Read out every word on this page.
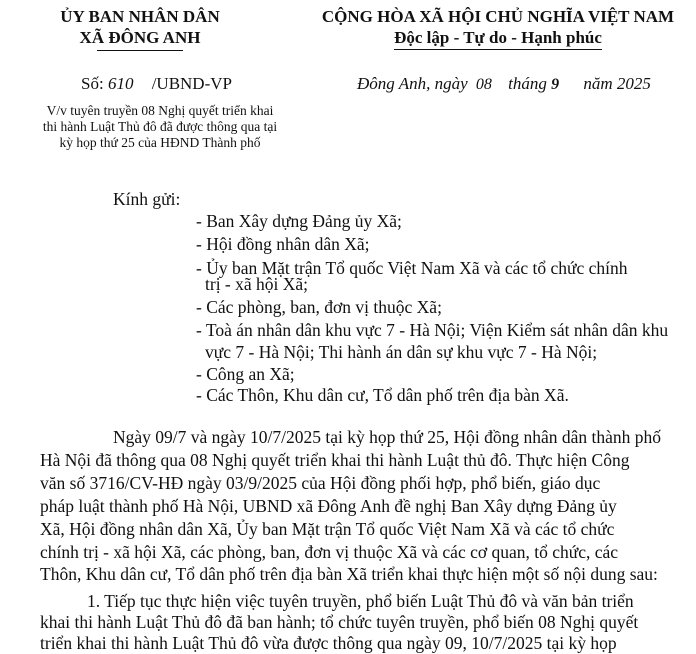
ỦY BAN NHÂN DÂN
XÃ ĐÔNG ANH
CỘNG HÒA XÃ HỘI CHỦ NGHĨA VIỆT NAM
Độc lập - Tự do - Hạnh phúc
Số: 610 /UBND-VP	Đông Anh, ngày 08 tháng 9 năm 2025
V/v tuyên truyền 08 Nghị quyết triển khai
thi hành Luật Thủ đô đã được thông qua tại
kỳ họp thứ 25 của HĐND Thành phố
Kính gửi:
- Ban Xây dựng Đảng ủy Xã;
- Hội đồng nhân dân Xã;
- Ủy ban Mặt trận Tổ quốc Việt Nam Xã và các tổ chức chính
trị - xã hội Xã;
- Các phòng, ban, đơn vị thuộc Xã;
- Toà án nhân dân khu vực 7 - Hà Nội; Viện Kiểm sát nhân dân khu
vực 7 - Hà Nội; Thi hành án dân sự khu vực 7 - Hà Nội;
- Công an Xã;
- Các Thôn, Khu dân cư, Tổ dân phố trên địa bàn Xã.
Ngày 09/7 và ngày 10/7/2025 tại kỳ họp thứ 25, Hội đồng nhân dân thành phố
Hà Nội đã thông qua 08 Nghị quyết triển khai thi hành Luật thủ đô. Thực hiện Công
văn số 3716/CV-HĐ ngày 03/9/2025 của Hội đồng phối hợp, phổ biến, giáo dục
pháp luật thành phố Hà Nội, UBND xã Đông Anh đề nghị Ban Xây dựng Đảng ủy
Xã, Hội đồng nhân dân Xã, Ủy ban Mặt trận Tổ quốc Việt Nam Xã và các tổ chức
chính trị - xã hội Xã, các phòng, ban, đơn vị thuộc Xã và các cơ quan, tổ chức, các
Thôn, Khu dân cư, Tổ dân phố trên địa bàn Xã triển khai thực hiện một số nội dung sau:
1. Tiếp tục thực hiện việc tuyên truyền, phổ biến Luật Thủ đô và văn bản triển
khai thi hành Luật Thủ đô đã ban hành; tổ chức tuyên truyền, phổ biến 08 Nghị quyết
triển khai thi hành Luật Thủ đô vừa được thông qua ngày 09, 10/7/2025 tại kỳ họp
